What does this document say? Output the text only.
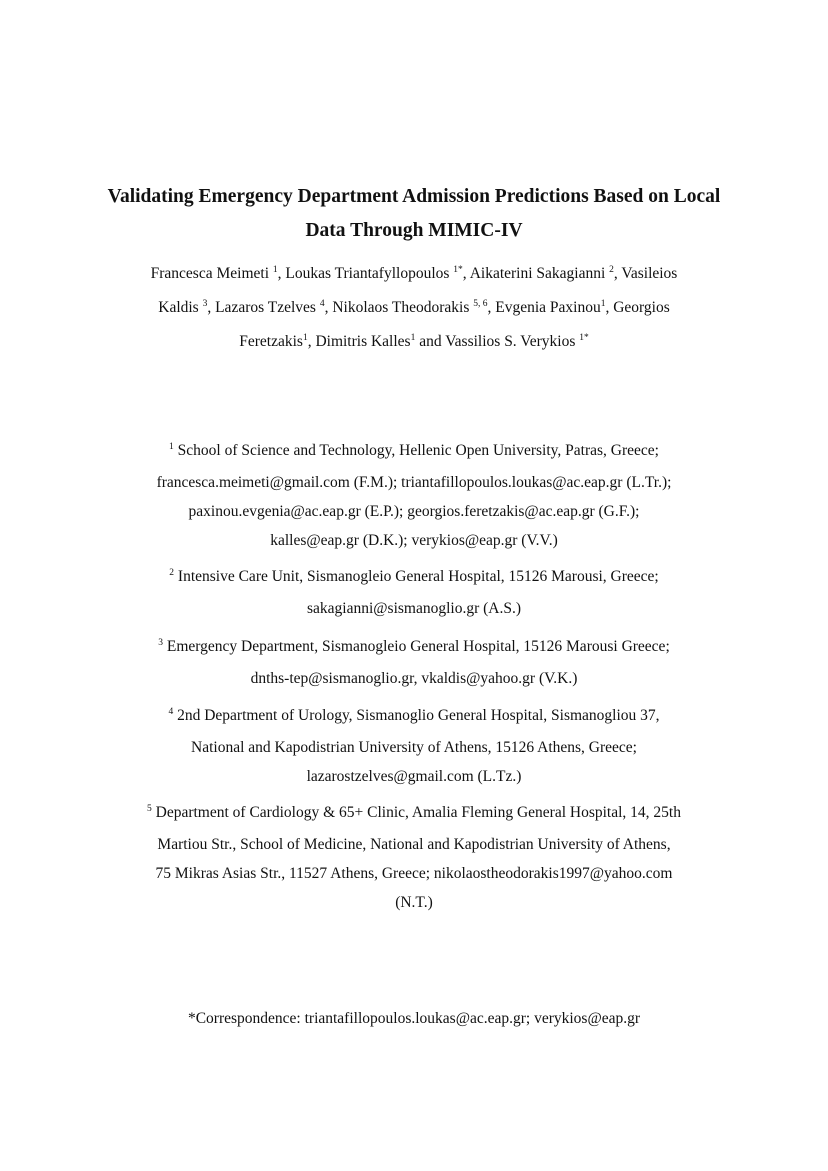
Validating Emergency Department Admission Predictions Based on Local
Data Through MIMIC-IV
Francesca Meimeti $^1$, Loukas Triantafyllopoulos $^{1*}$, Aikaterini Sakagianni $^2$, Vasileios
Kaldis $^3$, Lazaros Tzelves $^4$, Nikolaos Theodorakis $^{5, 6}$, Evgenia Paxinou$^1$, Georgios
Feretzakis$^1$, Dimitris Kalles$^1$ and Vassilios S. Verykios $^{1*}$
$^1$ School of Science and Technology, Hellenic Open University, Patras, Greece;
francesca.meimeti@gmail.com (F.M.); triantafillopoulos.loukas@ac.eap.gr (L.Tr.);
paxinou.evgenia@ac.eap.gr (E.P.); georgios.feretzakis@ac.eap.gr (G.F.);
kalles@eap.gr (D.K.); verykios@eap.gr (V.V.)
$^2$ Intensive Care Unit, Sismanogleio General Hospital, 15126 Marousi, Greece;
sakagianni@sismanoglio.gr (A.S.)
$^3$ Emergency Department, Sismanogleio General Hospital, 15126 Marousi Greece;
dnths-tep@sismanoglio.gr, vkaldis@yahoo.gr (V.K.)
$^4$ 2nd Department of Urology, Sismanoglio General Hospital, Sismanogliou 37,
National and Kapodistrian University of Athens, 15126 Athens, Greece;
lazarostzelves@gmail.com (L.Tz.)
$^5$ Department of Cardiology & 65+ Clinic, Amalia Fleming General Hospital, 14, 25th
Martiou Str., School of Medicine, National and Kapodistrian University of Athens,
75 Mikras Asias Str., 11527 Athens, Greece; nikolaostheodorakis1997@yahoo.com
(N.T.)
*Correspondence: triantafillopoulos.loukas@ac.eap.gr; verykios@eap.gr
